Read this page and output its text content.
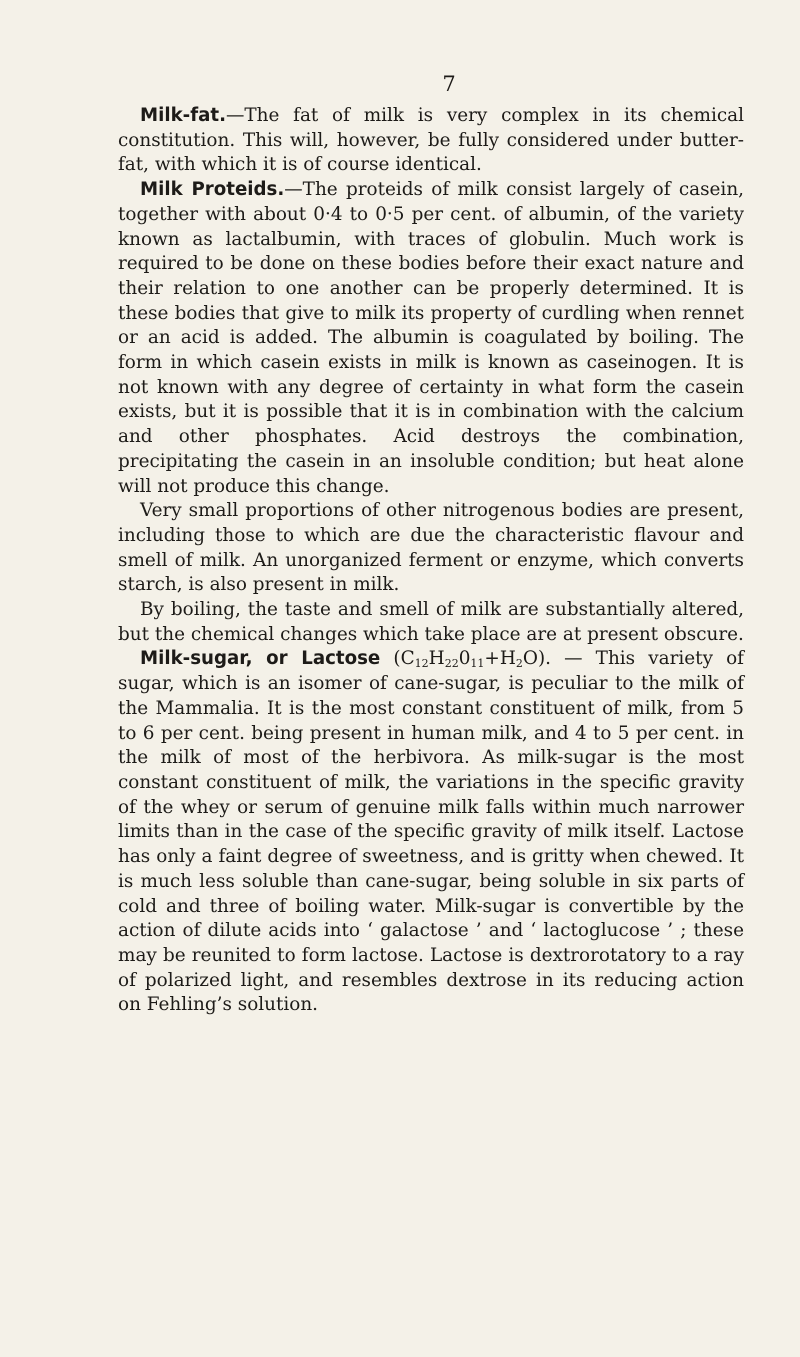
7

Milk-fat.—The fat of milk is very complex in its chemical constitution. This will, however, be fully considered under butter-fat, with which it is of course identical.

Milk Proteids.—The proteids of milk consist largely of casein, together with about 0·4 to 0·5 per cent. of albumin, of the variety known as lactalbumin, with traces of globulin. Much work is required to be done on these bodies before their exact nature and their relation to one another can be properly determined. It is these bodies that give to milk its property of curdling when rennet or an acid is added. The albumin is coagulated by boiling. The form in which casein exists in milk is known as caseinogen. It is not known with any degree of certainty in what form the casein exists, but it is possible that it is in combination with the calcium and other phosphates. Acid destroys the combination, precipitating the casein in an insoluble condition; but heat alone will not produce this change.

Very small proportions of other nitrogenous bodies are present, including those to which are due the characteristic flavour and smell of milk. An unorganized ferment or enzyme, which converts starch, is also present in milk.

By boiling, the taste and smell of milk are substantially altered, but the chemical changes which take place are at present obscure.

Milk-sugar, or Lactose $(C_{12}H_{22}0_{11}+H_2O)$. — This variety of sugar, which is an isomer of cane-sugar, is peculiar to the milk of the Mammalia. It is the most constant constituent of milk, from 5 to 6 per cent. being present in human milk, and 4 to 5 per cent. in the milk of most of the herbivora. As milk-sugar is the most constant constituent of milk, the variations in the specific gravity of the whey or serum of genuine milk falls within much narrower limits than in the case of the specific gravity of milk itself. Lactose has only a faint degree of sweetness, and is gritty when chewed. It is much less soluble than cane-sugar, being soluble in six parts of cold and three of boiling water. Milk-sugar is convertible by the action of dilute acids into ‘ galactose ’ and ‘ lactoglucose ’ ; these may be reunited to form lactose. Lactose is dextrorotatory to a ray of polarized light, and resembles dextrose in its reducing action on Fehling’s solution.
